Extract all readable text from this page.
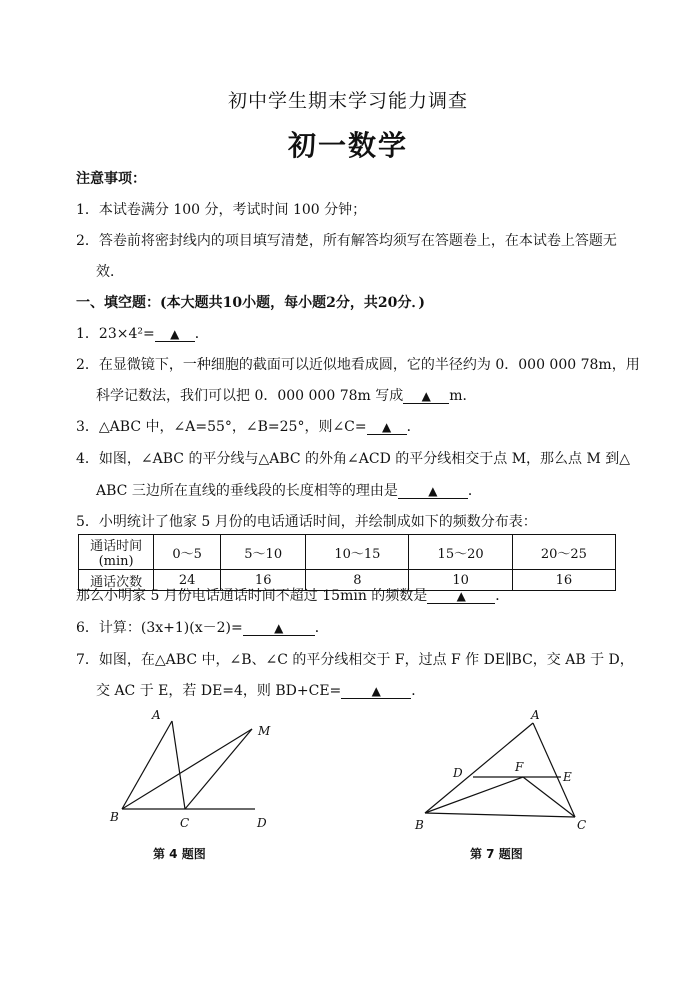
初中学生期末学习能力调查
初一数学
注意事项：
1．本试卷满分 100 分，考试时间 100 分钟；
2．答卷前将密封线内的项目填写清楚，所有解答均须写在答题卷上，在本试卷上答题无
效．
一、填空题：(本大题共10小题，每小题2分，共20分．)
1．23×4²= ▲ ．
2．在显微镜下，一种细胞的截面可以近似地看成圆，它的半径约为 0．000 000 78m，用
科学记数法，我们可以把 0．000 000 78m 写成 ▲ m．
3．△ABC 中，∠A=55°，∠B=25°，则∠C= ▲ ．
4．如图，∠ABC 的平分线与△ABC 的外角∠ACD 的平分线相交于点 M，那么点 M 到△
ABC 三边所在直线的垂线段的长度相等的理由是	▲ ．
5．小明统计了他家 5 月份的电话通话时间，并绘制成如下的频数分布表：
通话时间(min)	0～5	5～10	10～15	15～20	20～25
通话次数	24	16	8	10	16
那么小明家 5 月份电话通话时间不超过 15min 的频数是 ▲ ．
6．计算：(3x+1)(x－2)=	▲ ．
7．如图，在△ABC 中，∠B、∠C 的平分线相交于 F，过点 F 作 DE∥BC，交 AB 于 D，
交 AC 于 E，若 DE=4，则 BD+CE=	▲ ．
A
M
B	C	D
第 4 题图
A
D	F
E
B	C
第 7 题图
